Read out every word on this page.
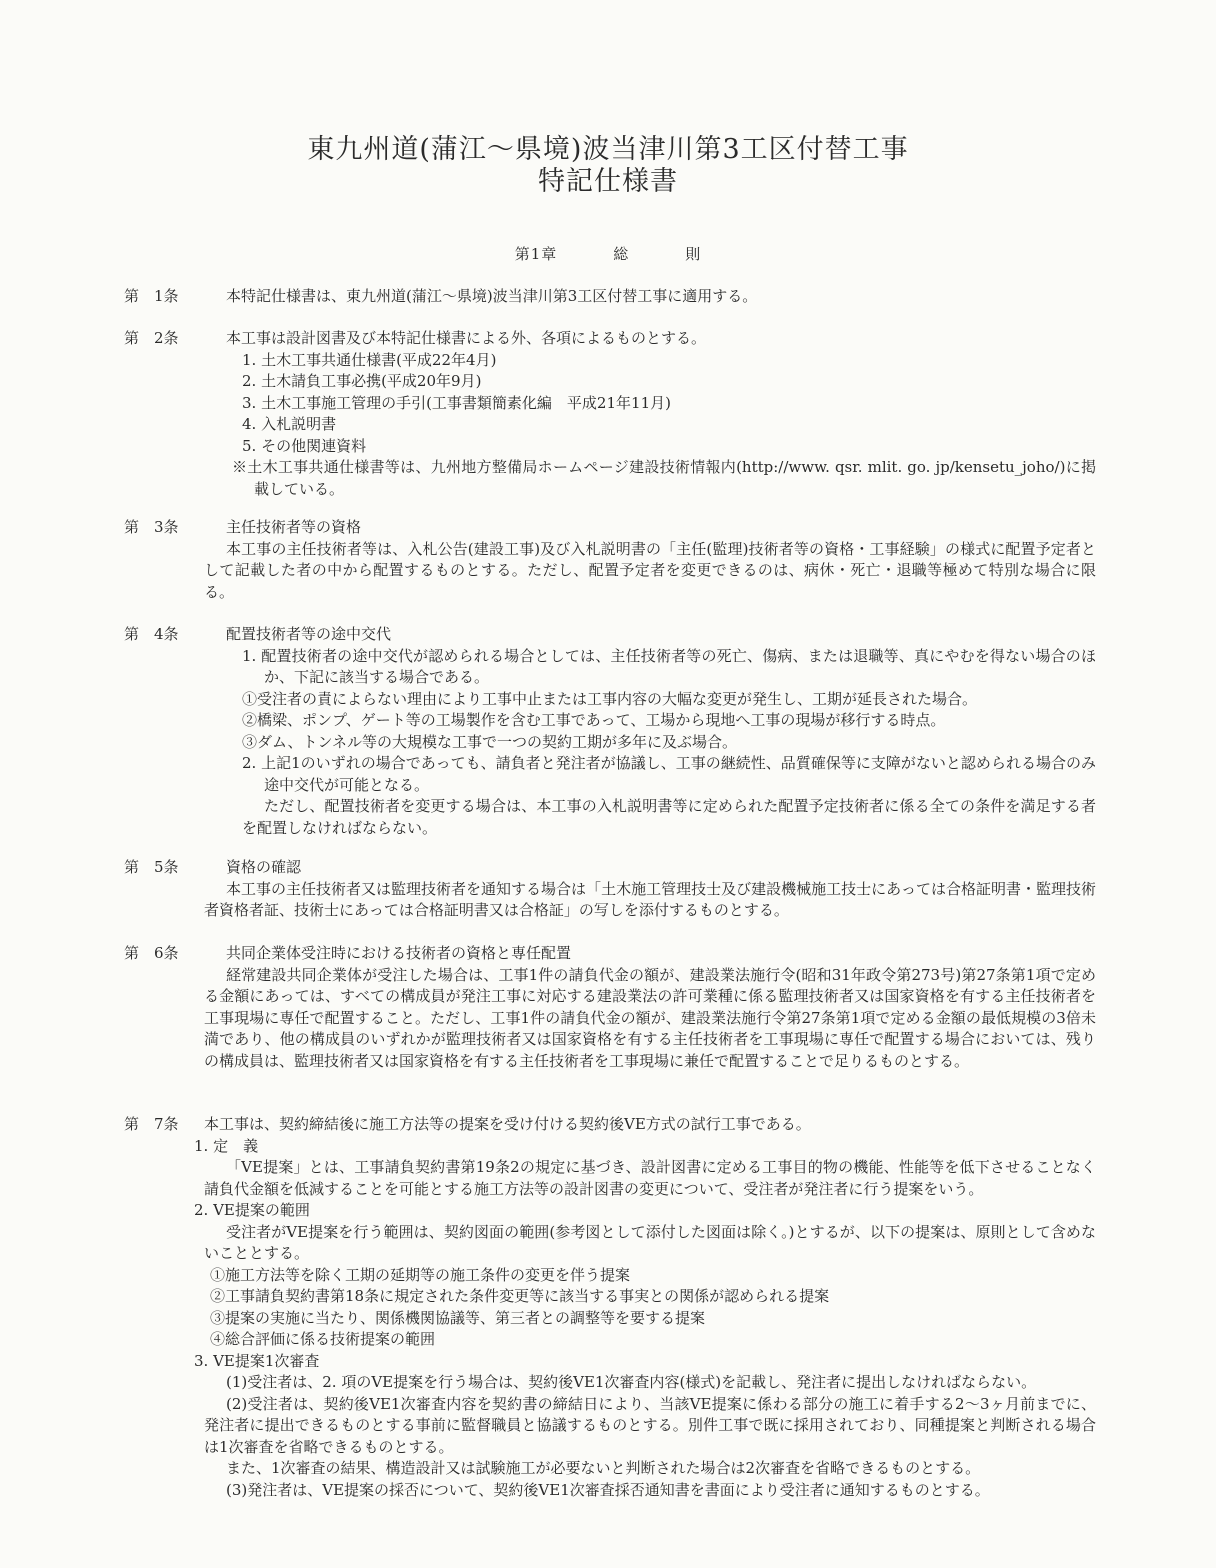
東九州道(蒲江～県境)波当津川第3工区付替工事
特記仕様書
第1章	総	則
第　1条	本特記仕様書は、東九州道(蒲江～県境)波当津川第3工区付替工事に適用する。
第　2条	本工事は設計図書及び本特記仕様書による外、各項によるものとする。
1. 土木工事共通仕様書(平成22年4月)
2. 土木請負工事必携(平成20年9月)
3. 土木工事施工管理の手引(工事書類簡素化編　平成21年11月)
4. 入札説明書
5. その他関連資料
※土木工事共通仕様書等は、九州地方整備局ホームページ建設技術情報内(http://www. qsr. mlit. go. jp/kensetu_joho/)に掲載している。
第　3条	主任技術者等の資格
本工事の主任技術者等は、入札公告(建設工事)及び入札説明書の「主任(監理)技術者等の資格・工事経験」の様式に配置予定者として記載した者の中から配置するものとする。ただし、配置予定者を変更できるのは、病休・死亡・退職等極めて特別な場合に限る。
第　4条	配置技術者等の途中交代
1. 配置技術者の途中交代が認められる場合としては、主任技術者等の死亡、傷病、または退職等、真にやむを得ない場合のほか、下記に該当する場合である。
①受注者の責によらない理由により工事中止または工事内容の大幅な変更が発生し、工期が延長された場合。
②橋梁、ポンプ、ゲート等の工場製作を含む工事であって、工場から現地へ工事の現場が移行する時点。
③ダム、トンネル等の大規模な工事で一つの契約工期が多年に及ぶ場合。
2. 上記1のいずれの場合であっても、請負者と発注者が協議し、工事の継続性、品質確保等に支障がないと認められる場合のみ途中交代が可能となる。
ただし、配置技術者を変更する場合は、本工事の入札説明書等に定められた配置予定技術者に係る全ての条件を満足する者を配置しなければならない。
第　5条	資格の確認
本工事の主任技術者又は監理技術者を通知する場合は「土木施工管理技士及び建設機械施工技士にあっては合格証明書・監理技術者資格者証、技術士にあっては合格証明書又は合格証」の写しを添付するものとする。
第　6条	共同企業体受注時における技術者の資格と専任配置
経常建設共同企業体が受注した場合は、工事1件の請負代金の額が、建設業法施行令(昭和31年政令第273号)第27条第1項で定める金額にあっては、すべての構成員が発注工事に対応する建設業法の許可業種に係る監理技術者又は国家資格を有する主任技術者を工事現場に専任で配置すること。ただし、工事1件の請負代金の額が、建設業法施行令第27条第1項で定める金額の最低規模の3倍未満であり、他の構成員のいずれかが監理技術者又は国家資格を有する主任技術者を工事現場に専任で配置する場合においては、残りの構成員は、監理技術者又は国家資格を有する主任技術者を工事現場に兼任で配置することで足りるものとする。
第　7条	本工事は、契約締結後に施工方法等の提案を受け付ける契約後VE方式の試行工事である。
1. 定　義
「VE提案」とは、工事請負契約書第19条2の規定に基づき、設計図書に定める工事目的物の機能、性能等を低下させることなく請負代金額を低減することを可能とする施工方法等の設計図書の変更について、受注者が発注者に行う提案をいう。
2. VE提案の範囲
受注者がVE提案を行う範囲は、契約図面の範囲(参考図として添付した図面は除く。)とするが、以下の提案は、原則として含めないこととする。
①施工方法等を除く工期の延期等の施工条件の変更を伴う提案
②工事請負契約書第18条に規定された条件変更等に該当する事実との関係が認められる提案
③提案の実施に当たり、関係機関協議等、第三者との調整等を要する提案
④総合評価に係る技術提案の範囲
3. VE提案1次審査
(1)受注者は、2. 項のVE提案を行う場合は、契約後VE1次審査内容(様式)を記載し、発注者に提出しなければならない。
(2)受注者は、契約後VE1次審査内容を契約書の締結日により、当該VE提案に係わる部分の施工に着手する2～3ヶ月前までに、発注者に提出できるものとする事前に監督職員と協議するものとする。別件工事で既に採用されており、同種提案と判断される場合は1次審査を省略できるものとする。
また、1次審査の結果、構造設計又は試験施工が必要ないと判断された場合は2次審査を省略できるものとする。
(3)発注者は、VE提案の採否について、契約後VE1次審査採否通知書を書面により受注者に通知するものとする。
